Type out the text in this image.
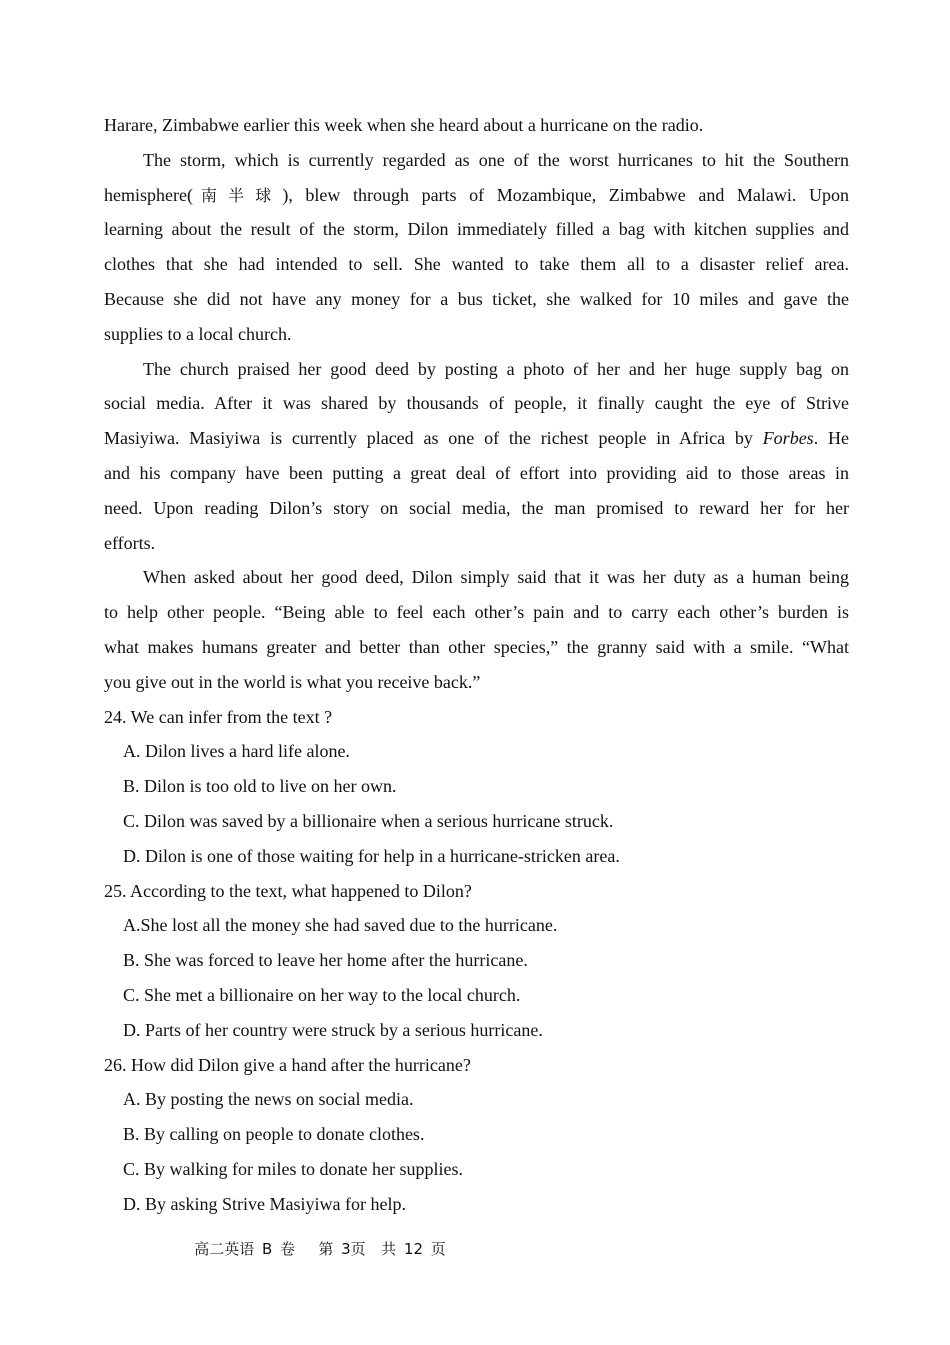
Harare, Zimbabwe earlier this week when she heard about a hurricane on the radio.
The storm, which is currently regarded as one of the worst hurricanes to hit the Southern
hemisphere(南半球), blew through parts of Mozambique, Zimbabwe and Malawi. Upon
learning about the result of the storm, Dilon immediately filled a bag with kitchen supplies and
clothes that she had intended to sell. She wanted to take them all to a disaster relief area.
Because she did not have any money for a bus ticket, she walked for 10 miles and gave the
supplies to a local church.
The church praised her good deed by posting a photo of her and her huge supply bag on
social media. After it was shared by thousands of people, it finally caught the eye of Strive
Masiyiwa. Masiyiwa is currently placed as one of the richest people in Africa by Forbes. He
and his company have been putting a great deal of effort into providing aid to those areas in
need. Upon reading Dilon’s story on social media, the man promised to reward her for her
efforts.
When asked about her good deed, Dilon simply said that it was her duty as a human being
to help other people. “Being able to feel each other’s pain and to carry each other’s burden is
what makes humans greater and better than other species,” the granny said with a smile. “What
you give out in the world is what you receive back.”
24. We can infer from the text ?
A. Dilon lives a hard life alone.
B. Dilon is too old to live on her own.
C. Dilon was saved by a billionaire when a serious hurricane struck.
D. Dilon is one of those waiting for help in a hurricane-stricken area.
25. According to the text, what happened to Dilon?
A.She lost all the money she had saved due to the hurricane.
B. She was forced to leave her home after the hurricane.
C. She met a billionaire on her way to the local church.
D. Parts of her country were struck by a serious hurricane.
26. How did Dilon give a hand after the hurricane?
A. By posting the news on social media.
B. By calling on people to donate clothes.
C. By walking for miles to donate her supplies.
D. By asking Strive Masiyiwa for help.
高二英语 B 卷   第 3页  共 12 页
